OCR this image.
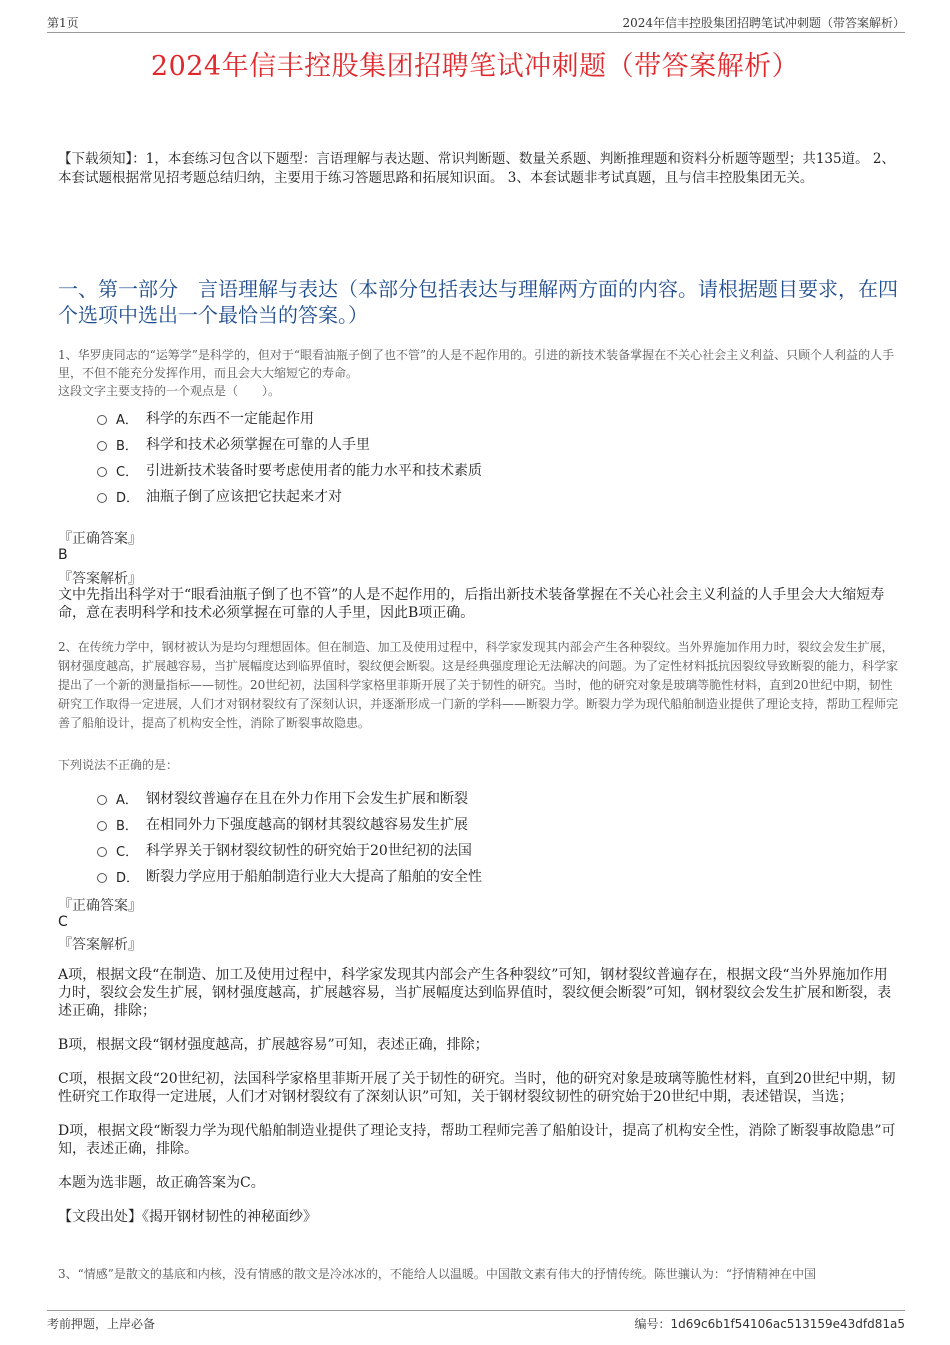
第1页	2024年信丰控股集团招聘笔试冲刺题（带答案解析）
2024年信丰控股集团招聘笔试冲刺题（带答案解析）
【下载须知】：1，本套练习包含以下题型：言语理解与表达题、常识判断题、数量关系题、判断推理题和资料分析题等题型；共135道。 2、本套试题根据常见招考题总结归纳，主要用于练习答题思路和拓展知识面。 3、本套试题非考试真题，且与信丰控股集团无关。
一、第一部分　言语理解与表达（本部分包括表达与理解两方面的内容。请根据题目要求，在四个选项中选出一个最恰当的答案。）
1、华罗庚同志的“运筹学”是科学的，但对于“眼看油瓶子倒了也不管”的人是不起作用的。引进的新技术装备掌握在不关心社会主义利益、只顾个人利益的人手里，不但不能充分发挥作用，而且会大大缩短它的寿命。
这段文字主要支持的一个观点是（　　）。
A． 科学的东西不一定能起作用
B． 科学和技术必须掌握在可靠的人手里
C． 引进新技术装备时要考虑使用者的能力水平和技术素质
D． 油瓶子倒了应该把它扶起来才对
『正确答案』
B
『答案解析』
文中先指出科学对于“眼看油瓶子倒了也不管”的人是不起作用的，后指出新技术装备掌握在不关心社会主义利益的人手里会大大缩短寿命，意在表明科学和技术必须掌握在可靠的人手里，因此B项正确。
2、在传统力学中，钢材被认为是均匀理想固体。但在制造、加工及使用过程中，科学家发现其内部会产生各种裂纹。当外界施加作用力时，裂纹会发生扩展，钢材强度越高，扩展越容易，当扩展幅度达到临界值时，裂纹便会断裂。这是经典强度理论无法解决的问题。为了定性材料抵抗因裂纹导致断裂的能力，科学家提出了一个新的测量指标——韧性。20世纪初，法国科学家格里菲斯开展了关于韧性的研究。当时，他的研究对象是玻璃等脆性材料，直到20世纪中期，韧性研究工作取得一定进展，人们才对钢材裂纹有了深刻认识，并逐渐形成一门新的学科——断裂力学。断裂力学为现代船舶制造业提供了理论支持，帮助工程师完善了船舶设计，提高了机构安全性，消除了断裂事故隐患。
下列说法不正确的是：
A． 钢材裂纹普遍存在且在外力作用下会发生扩展和断裂
B． 在相同外力下强度越高的钢材其裂纹越容易发生扩展
C． 科学界关于钢材裂纹韧性的研究始于20世纪初的法国
D． 断裂力学应用于船舶制造行业大大提高了船舶的安全性
『正确答案』
C
『答案解析』

A项，根据文段“在制造、加工及使用过程中，科学家发现其内部会产生各种裂纹”可知，钢材裂纹普遍存在，根据文段“当外界施加作用力时，裂纹会发生扩展，钢材强度越高，扩展越容易，当扩展幅度达到临界值时，裂纹便会断裂”可知，钢材裂纹会发生扩展和断裂，表述正确，排除；

B项，根据文段“钢材强度越高，扩展越容易”可知，表述正确，排除；

C项，根据文段“20世纪初，法国科学家格里菲斯开展了关于韧性的研究。当时，他的研究对象是玻璃等脆性材料，直到20世纪中期，韧性研究工作取得一定进展，人们才对钢材裂纹有了深刻认识”可知，关于钢材裂纹韧性的研究始于20世纪中期，表述错误，当选；

D项，根据文段“断裂力学为现代船舶制造业提供了理论支持，帮助工程师完善了船舶设计，提高了机构安全性，消除了断裂事故隐患”可知，表述正确，排除。

本题为选非题，故正确答案为C。

【文段出处】《揭开钢材韧性的神秘面纱》

3、“情感”是散文的基底和内核，没有情感的散文是冷冰冰的，不能给人以温暖。中国散文素有伟大的抒情传统。陈世骧认为：“抒情精神在中国
考前押题，上岸必备	编号：1d69c6b1f54106ac513159e43dfd81a5
